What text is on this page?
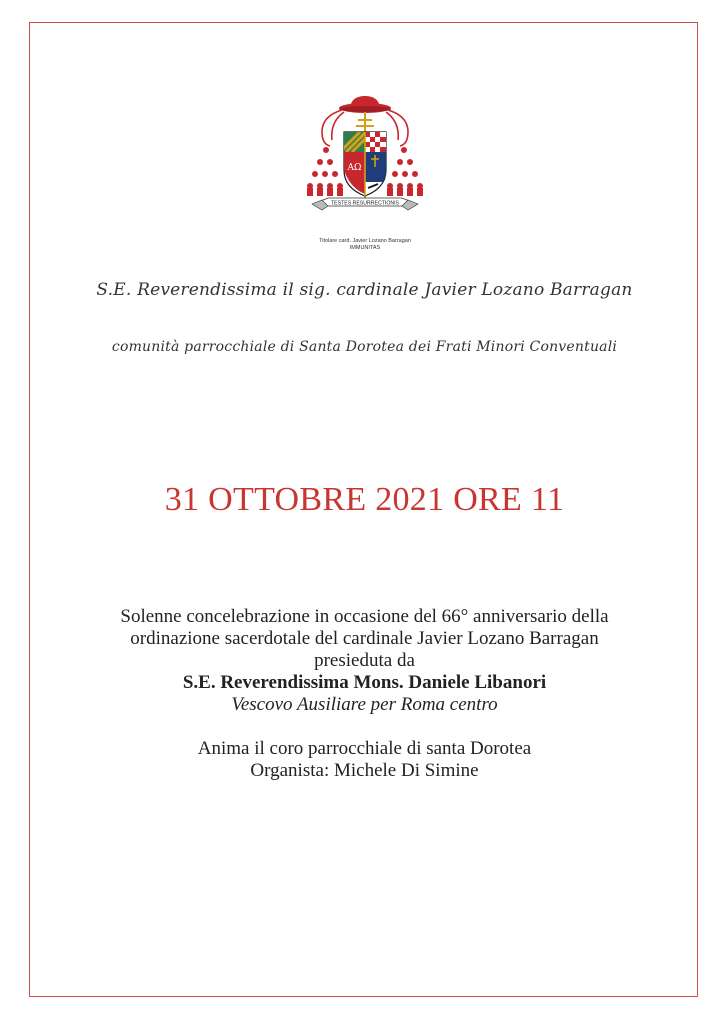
AΩ
TESTES RESURRECTIONIS
Titolare card. Javier Lozano Barragan
IMMUNITAS
S.E. Reverendissima il sig. cardinale Javier Lozano Barragan
comunità parrocchiale di Santa Dorotea dei Frati Minori Conventuali
31 OTTOBRE 2021 ORE 11
Solenne concelebrazione in occasione del 66° anniversario della
ordinazione sacerdotale del cardinale Javier Lozano Barragan
presieduta da
S.E. Reverendissima Mons. Daniele Libanori
Vescovo Ausiliare per Roma centro
Anima il coro parrocchiale di santa Dorotea
Organista: Michele Di Simine
